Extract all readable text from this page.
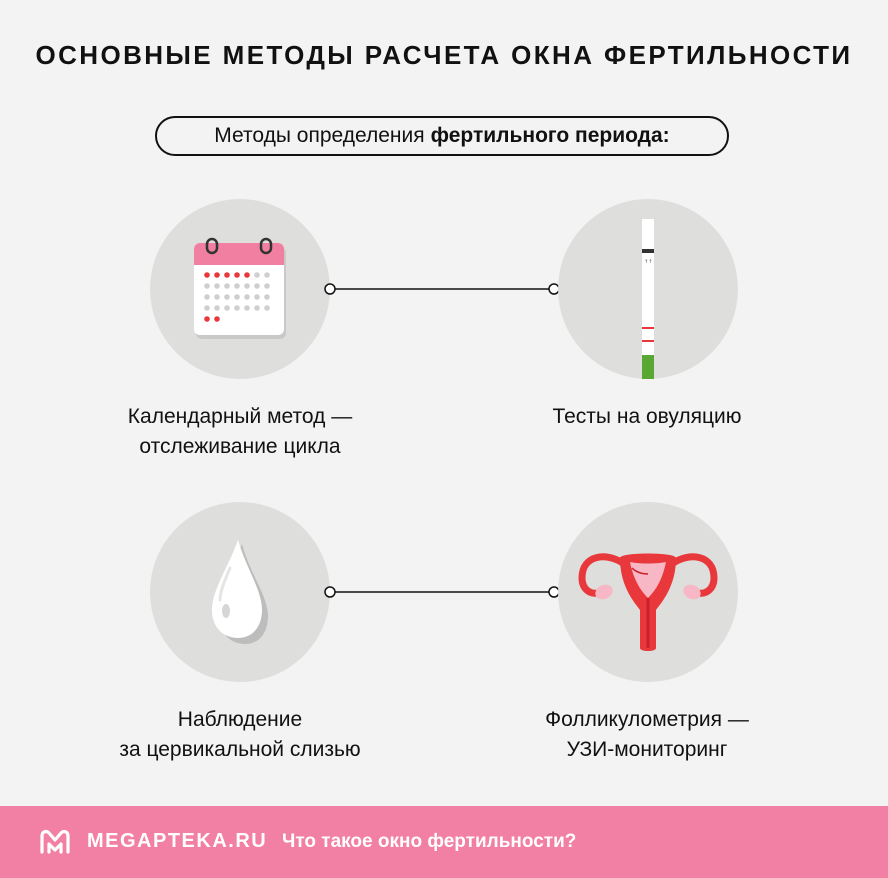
ОСНОВНЫЕ МЕТОДЫ РАСЧЕТА ОКНА ФЕРТИЛЬНОСТИ
Методы определения фертильного периода:
↑↑
Календарный метод —
отслеживание цикла
Тесты на овуляцию
Наблюдение
за цервикальной слизью
Фолликулометрия —
УЗИ-мониторинг
MEGAPTEKA.RU Что такое окно фертильности?
